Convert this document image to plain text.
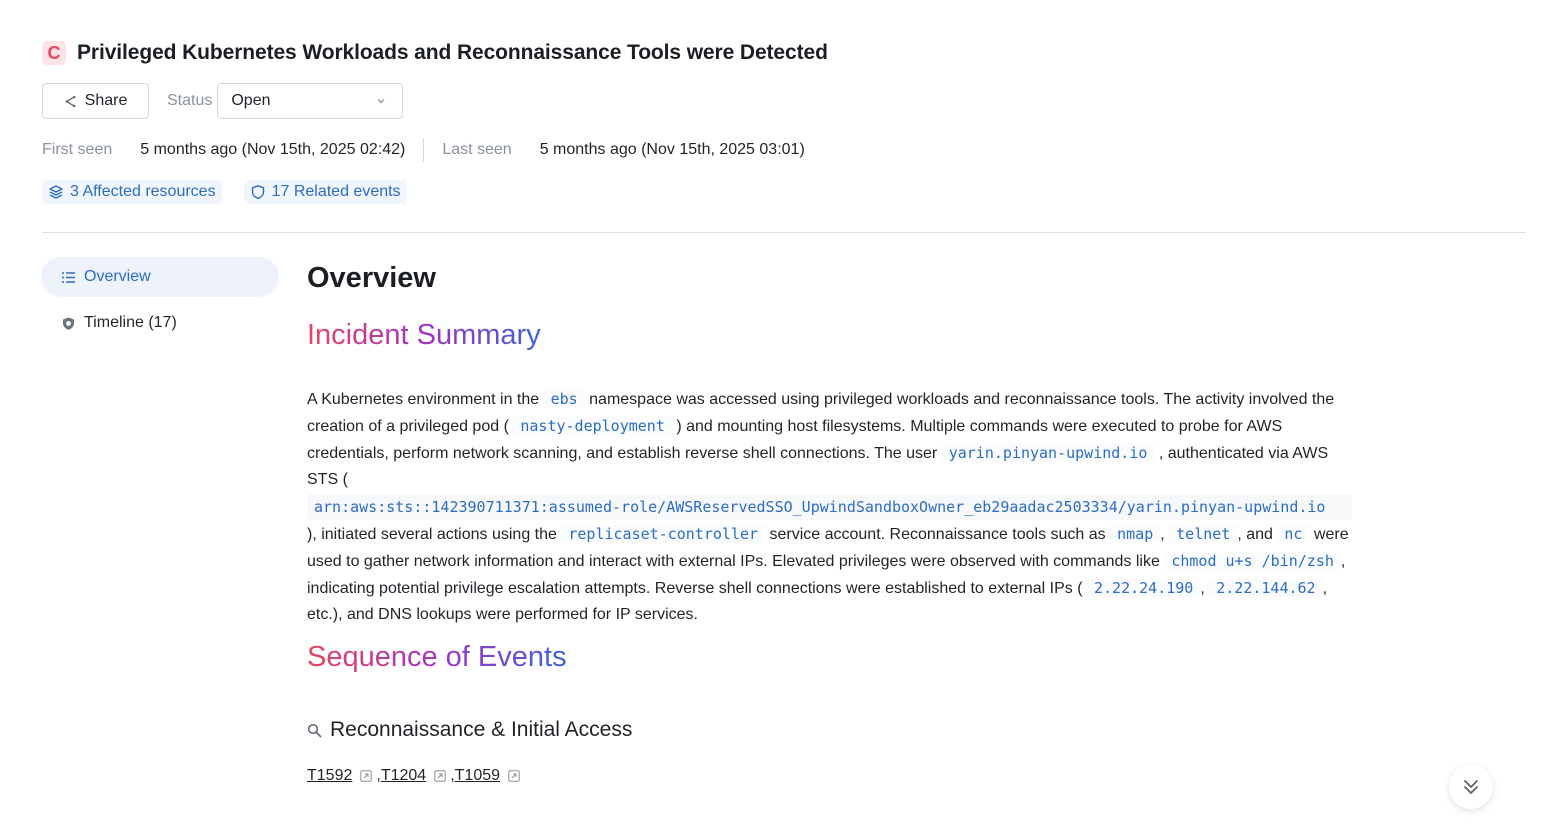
C Privileged Kubernetes Workloads and Reconnaissance Tools were Detected
Share Status Open
First seen 5 months ago (Nov 15th, 2025 02:42) Last seen 5 months ago (Nov 15th, 2025 03:01)
3 Affected resources	17 Related events
Overview
Timeline (17)
Overview
Incident Summary

A Kubernetes environment in the ebs namespace was accessed using privileged workloads and reconnaissance tools. The activity involved the creation of a privileged pod ( nasty-deployment ) and mounting host filesystems. Multiple commands were executed to probe for AWS credentials, perform network scanning, and establish reverse shell connections. The user yarin.pinyan-upwind.io , authenticated via AWS STS (
arn:aws:sts::142390711371:assumed-role/AWSReservedSSO_UpwindSandboxOwner_eb29aadac2503334/yarin.pinyan-upwind.io
), initiated several actions using the replicaset-controller service account. Reconnaissance tools such as nmap , telnet , and nc were used to gather network information and interact with external IPs. Elevated privileges were observed with commands like chmod u+s /bin/zsh , indicating potential privilege escalation attempts. Reverse shell connections were established to external IPs ( 2.22.24.190 , 2.22.144.62 , etc.), and DNS lookups were performed for IP services.

Sequence of Events
Reconnaissance & Initial Access
T1592 , T1204 , T1059
